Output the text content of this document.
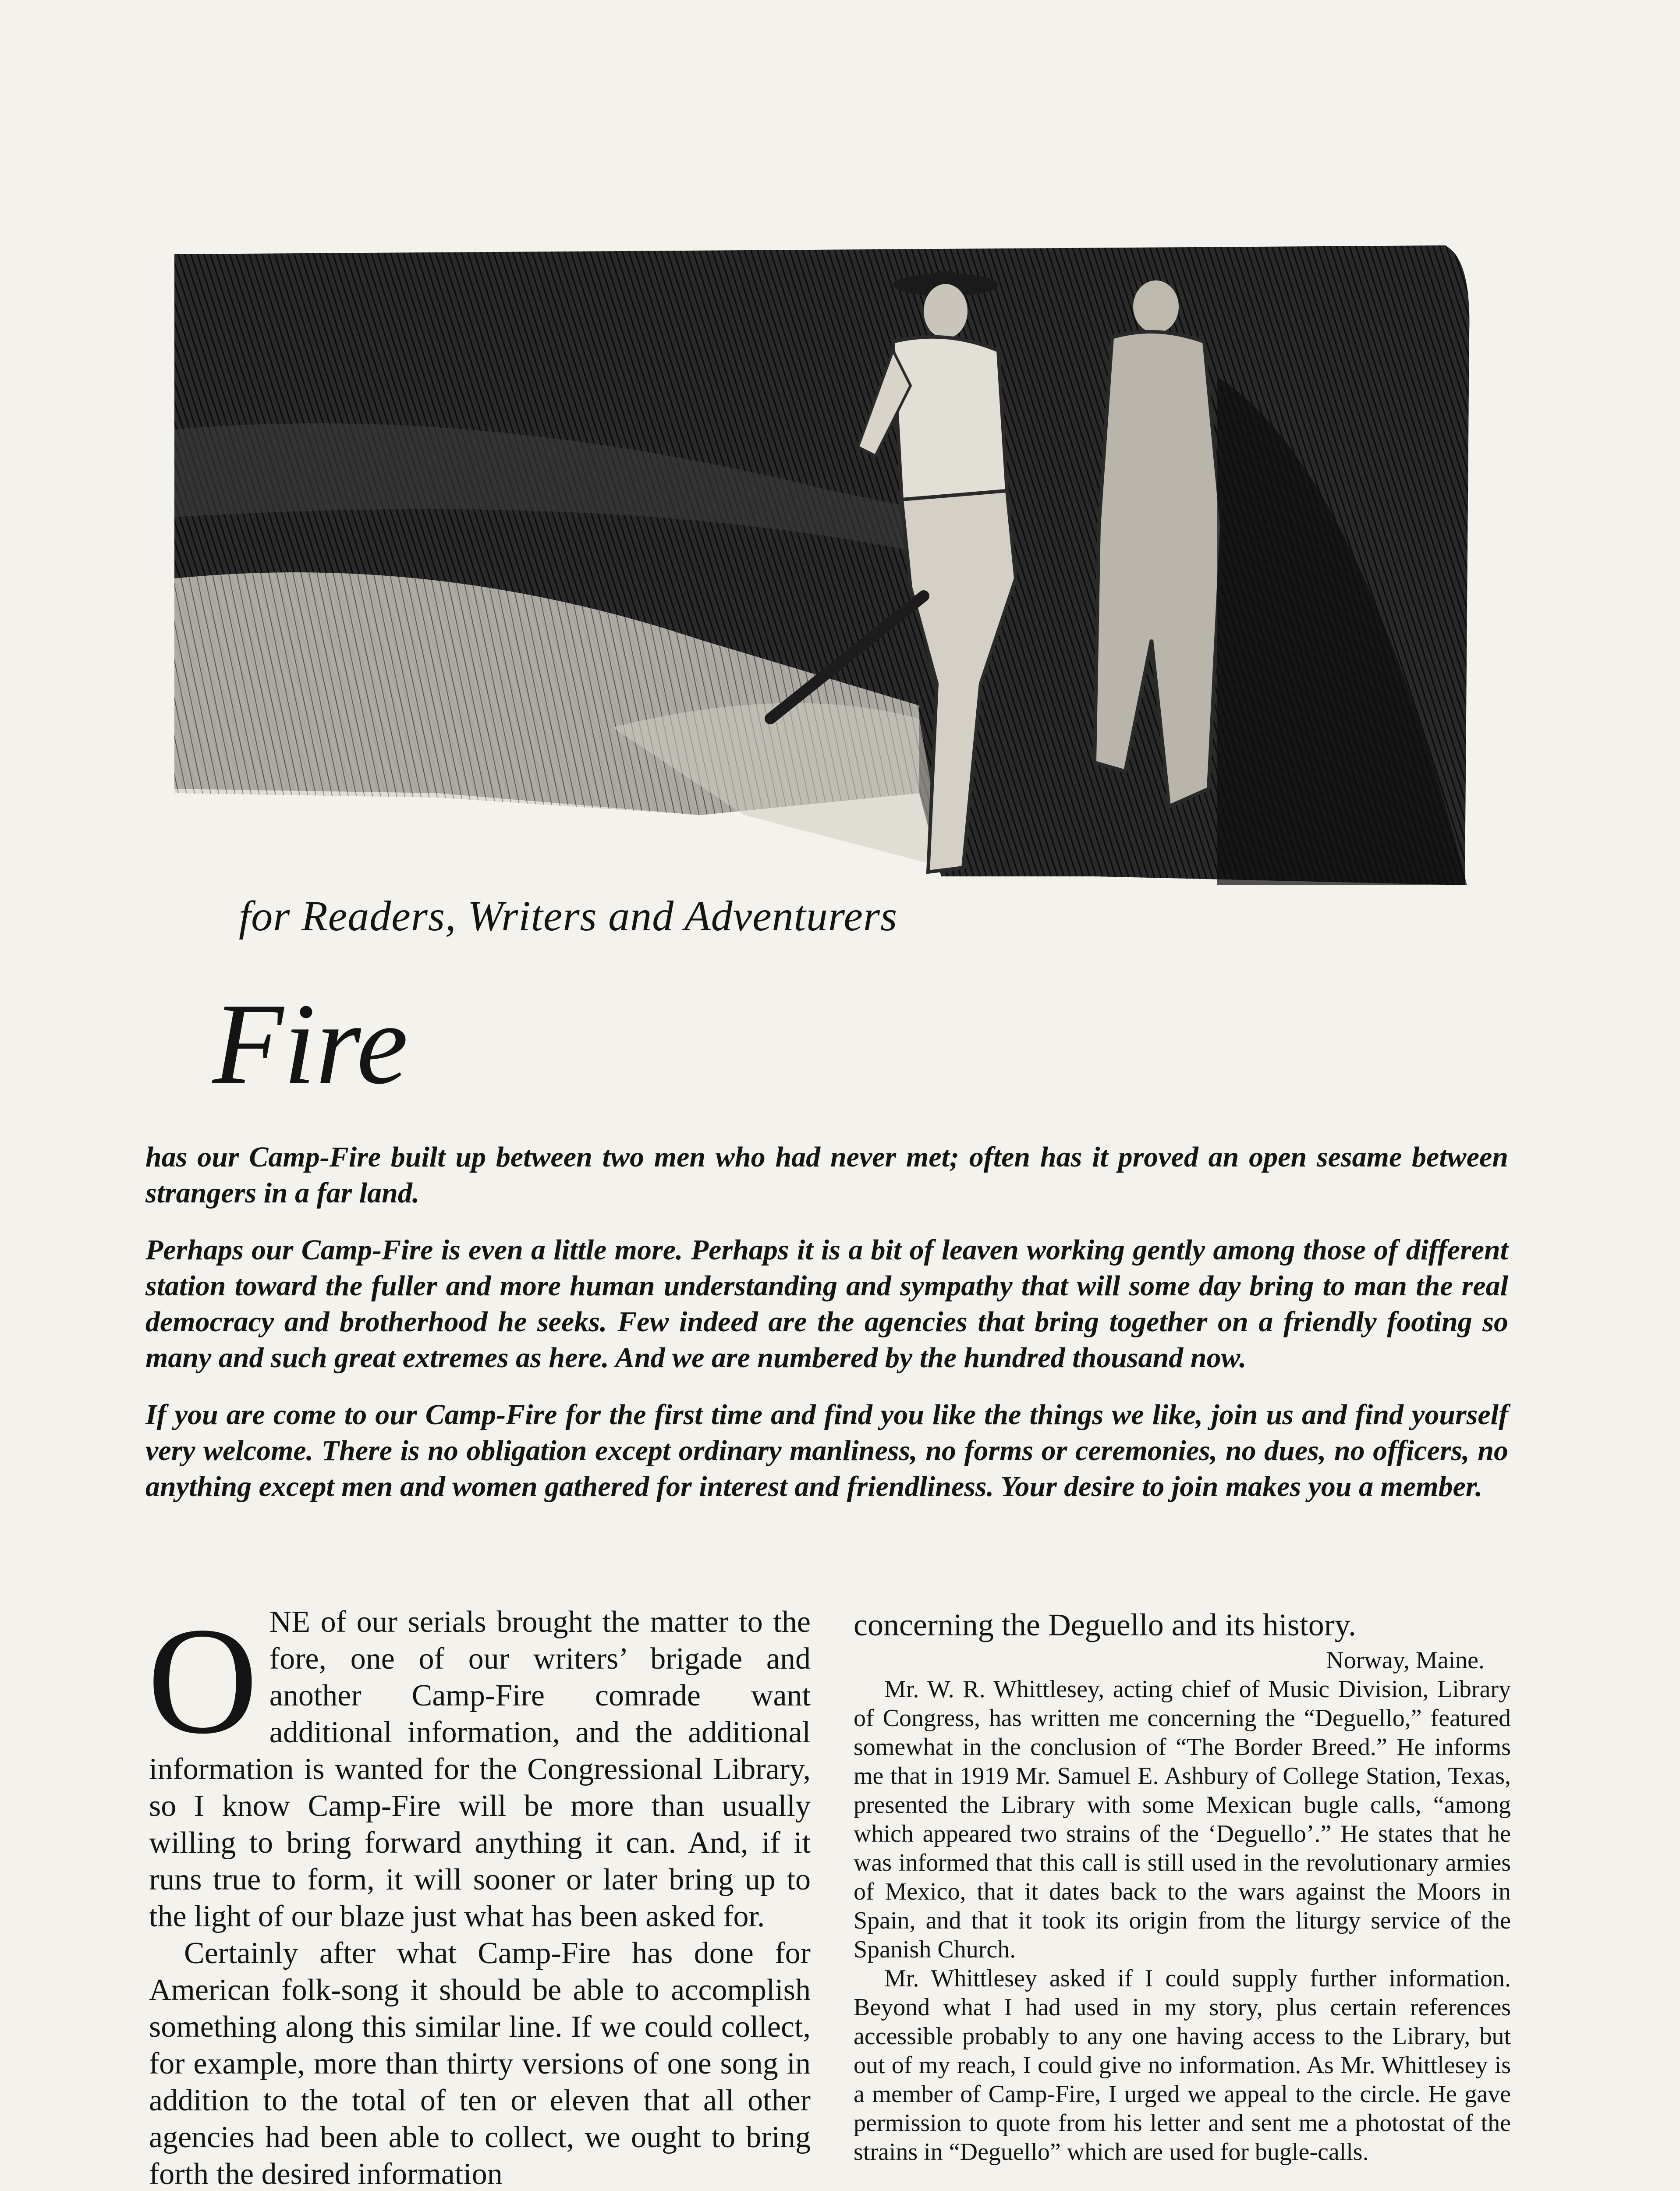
for Readers, Writers and Adventurers
Fire

has our Camp-Fire built up between two men who had never met; often has it proved an open sesame between strangers in a far land.

Perhaps our Camp-Fire is even a little more. Perhaps it is a bit of leaven working gently among those of different station toward the fuller and more human understanding and sympathy that will some day bring to man the real democracy and brotherhood he seeks. Few indeed are the agencies that bring together on a friendly footing so many and such great extremes as here. And we are numbered by the hundred thousand now.

If you are come to our Camp-Fire for the first time and find you like the things we like, join us and find yourself very welcome. There is no obligation except ordinary manliness, no forms or ceremonies, no dues, no officers, no anything except men and women gathered for interest and friendliness. Your desire to join makes you a member.

O NE of our serials brought the matter to the fore, one of our writers’ brigade and another Camp-Fire comrade want additional information, and the additional information is wanted for the Congressional Library, so I know Camp-Fire will be more than usually willing to bring forward anything it can. And, if it runs true to form, it will sooner or later bring up to the light of our blaze just what has been asked for.

Certainly after what Camp-Fire has done for American folk-song it should be able to accomplish something along this similar line. If we could collect, for example, more than thirty versions of one song in addition to the total of ten or eleven that all other agencies had been able to collect, we ought to bring forth the desired information

concerning the Deguello and its history.

Norway, Maine.

Mr. W. R. Whittlesey, acting chief of Music Division, Library of Congress, has written me concerning the “Deguello,” featured somewhat in the conclusion of “The Border Breed.” He informs me that in 1919 Mr. Samuel E. Ashbury of College Station, Texas, presented the Library with some Mexican bugle calls, “among which appeared two strains of the ‘Deguello’.” He states that he was informed that this call is still used in the revolutionary armies of Mexico, that it dates back to the wars against the Moors in Spain, and that it took its origin from the liturgy service of the Spanish Church.

Mr. Whittlesey asked if I could supply further information. Beyond what I had used in my story, plus certain references accessible probably to any one having access to the Library, but out of my reach, I could give no information. As Mr. Whittlesey is a member of Camp-Fire, I urged we appeal to the circle. He gave permission to quote from his letter and sent me a photostat of the strains in “Deguello” which are used for bugle-calls.
